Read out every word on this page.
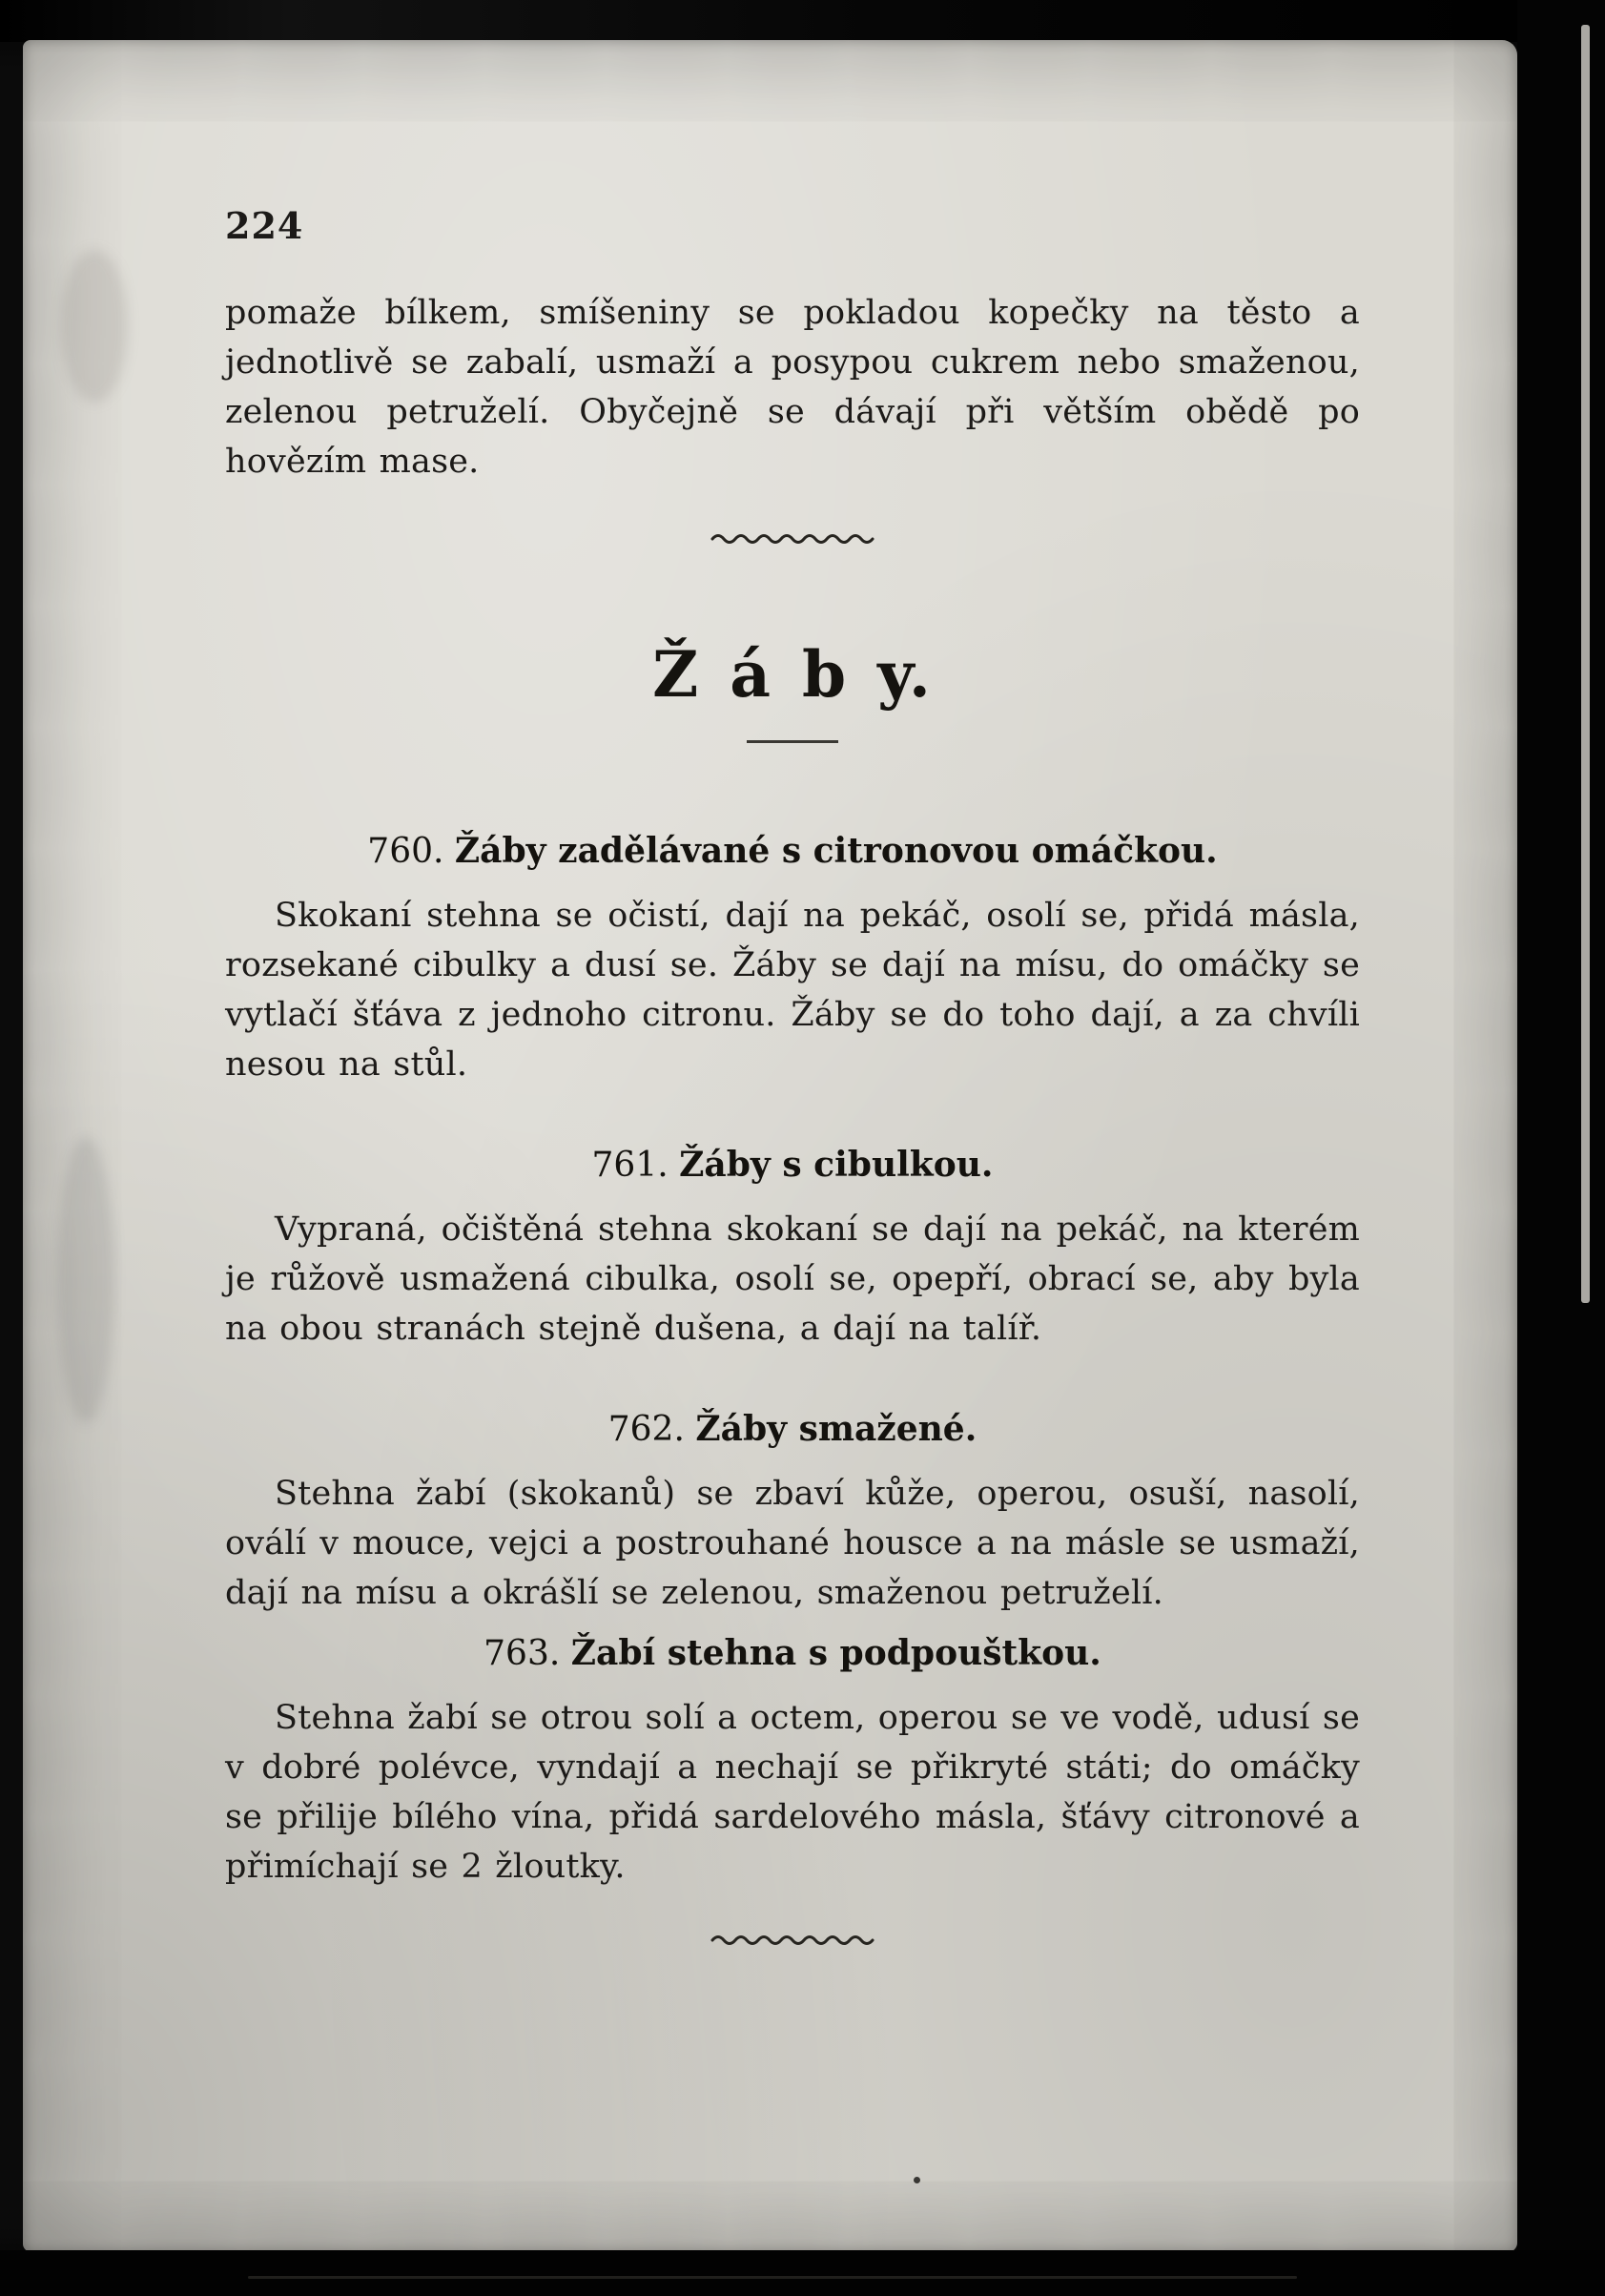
224

pomaže bílkem, smíšeniny se pokladou kopečky na těsto a jednotlivě se zabalí, usmaží a posypou cukrem nebo smaženou, zelenou petruželí. Obyčejně se dávají při větším obědě po hovězím mase.

Ž á b y.
760. Žáby zadělávané s citronovou omáčkou.

Skokaní stehna se očistí, dají na pekáč, osolí se, přidá másla, rozsekané cibulky a dusí se. Žáby se dají na mísu, do omáčky se vytlačí šťáva z jednoho citronu. Žáby se do toho dají, a za chvíli nesou na stůl.

761. Žáby s cibulkou.

Vypraná, očištěná stehna skokaní se dají na pekáč, na kterém je růžově usmažená cibulka, osolí se, opepří, obrací se, aby byla na obou stranách stejně dušena, a dají na talíř.

762. Žáby smažené.

Stehna žabí (skokanů) se zbaví kůže, operou, osuší, nasolí, oválí v mouce, vejci a postrouhané housce a na másle se usmaží, dají na mísu a okrášlí se zelenou, smaženou petruželí.

763. Žabí stehna s podpouštkou.

Stehna žabí se otrou solí a octem, operou se ve vodě, udusí se v dobré polévce, vyndají a nechají se přikryté státi; do omáčky se přilije bílého vína, přidá sardelového másla, šťávy citronové a přimíchají se 2 žloutky.
